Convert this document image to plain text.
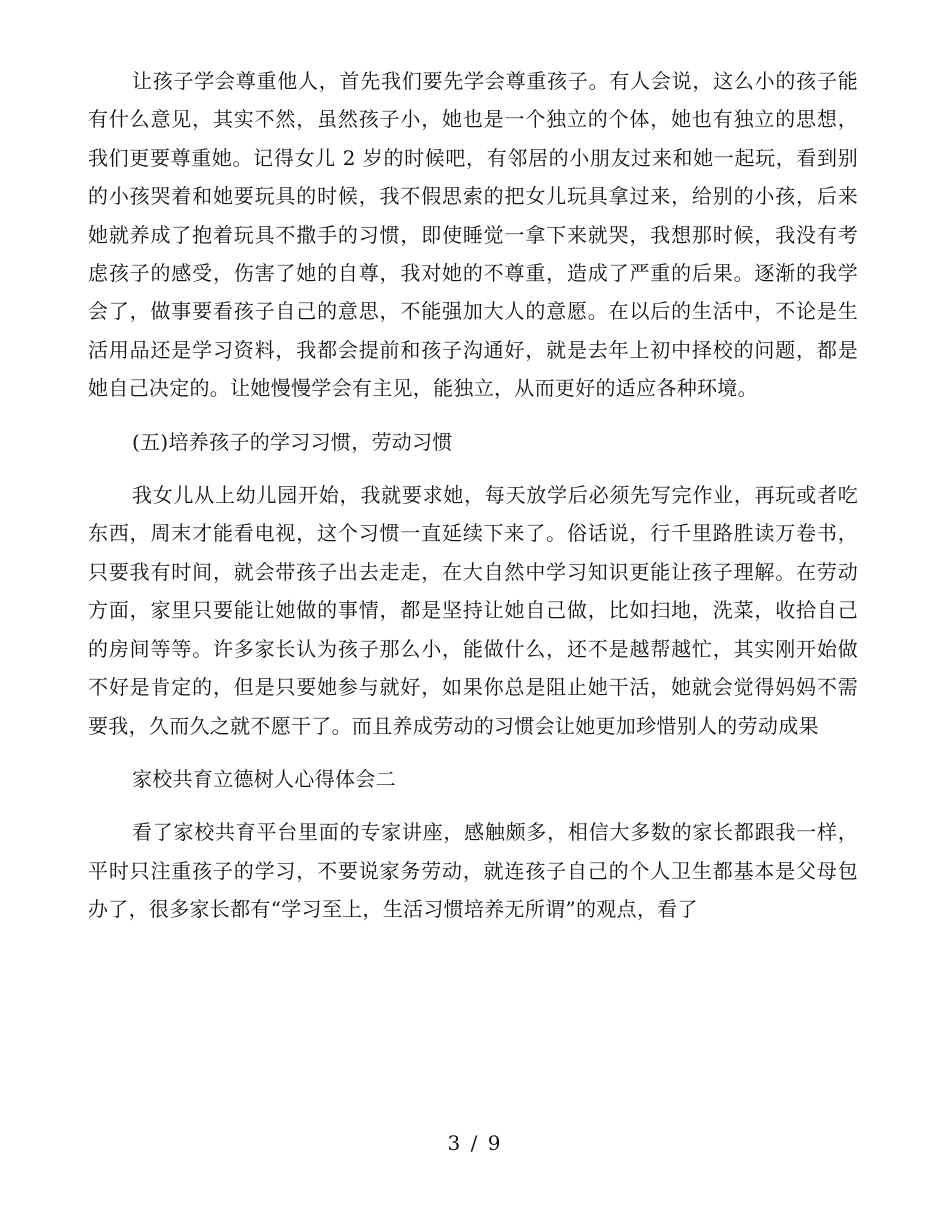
让孩子学会尊重他人，首先我们要先学会尊重孩子。有人会说，这么小的孩子能有什么意见，其实不然，虽然孩子小，她也是一个独立的个体，她也有独立的思想，我们更要尊重她。记得女儿 2 岁的时候吧，有邻居的小朋友过来和她一起玩，看到别的小孩哭着和她要玩具的时候，我不假思索的把女儿玩具拿过来，给别的小孩，后来她就养成了抱着玩具不撒手的习惯，即使睡觉一拿下来就哭，我想那时候，我没有考虑孩子的感受，伤害了她的自尊，我对她的不尊重，造成了严重的后果。逐渐的我学会了，做事要看孩子自己的意思，不能强加大人的意愿。在以后的生活中，不论是生活用品还是学习资料，我都会提前和孩子沟通好，就是去年上初中择校的问题，都是她自己决定的。让她慢慢学会有主见，能独立，从而更好的适应各种环境。

(五)培养孩子的学习习惯，劳动习惯

我女儿从上幼儿园开始，我就要求她，每天放学后必须先写完作业，再玩或者吃东西，周末才能看电视，这个习惯一直延续下来了。俗话说，行千里路胜读万卷书，只要我有时间，就会带孩子出去走走，在大自然中学习知识更能让孩子理解。在劳动方面，家里只要能让她做的事情，都是坚持让她自己做，比如扫地，洗菜，收拾自己的房间等等。许多家长认为孩子那么小，能做什么，还不是越帮越忙，其实刚开始做不好是肯定的，但是只要她参与就好，如果你总是阻止她干活，她就会觉得妈妈不需要我，久而久之就不愿干了。而且养成劳动的习惯会让她更加珍惜别人的劳动成果

家校共育立德树人心得体会二

看了家校共育平台里面的专家讲座，感触颇多，相信大多数的家长都跟我一样，平时只注重孩子的学习，不要说家务劳动，就连孩子自己的个人卫生都基本是父母包办了，很多家长都有“学习至上，生活习惯培养无所谓”的观点，看了

3 / 9
